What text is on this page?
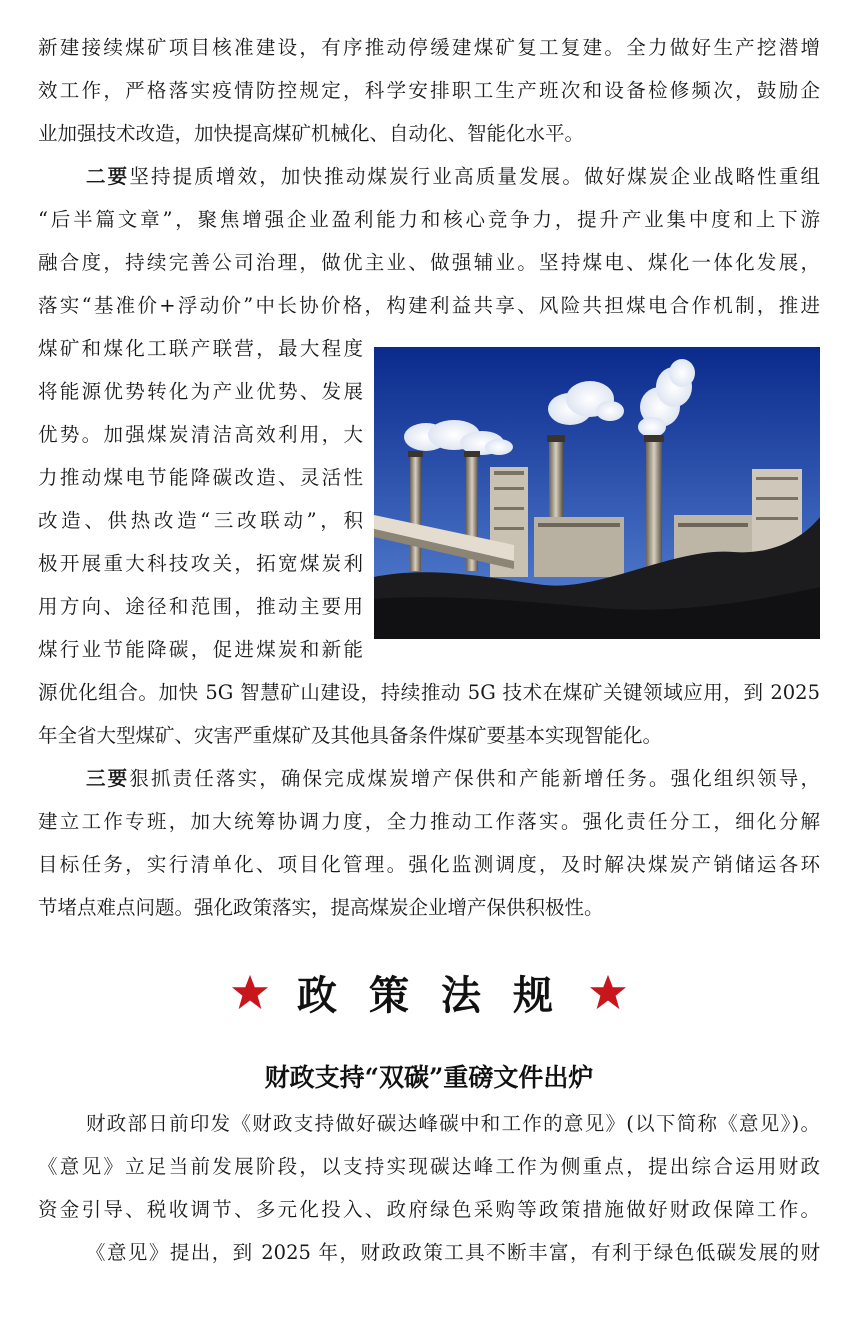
新建接续煤矿项目核准建设，有序推动停缓建煤矿复工复建。全力做好生产挖潜增
效工作，严格落实疫情防控规定，科学安排职工生产班次和设备检修频次，鼓励企
业加强技术改造，加快提高煤矿机械化、自动化、智能化水平。
二要坚持提质增效，加快推动煤炭行业高质量发展。做好煤炭企业战略性重组
“后半篇文章”，聚焦增强企业盈利能力和核心竞争力，提升产业集中度和上下游
融合度，持续完善公司治理，做优主业、做强辅业。坚持煤电、煤化一体化发展，
落实“基准价+浮动价”中长协价格，构建利益共享、风险共担煤电合作机制，推进
煤矿和煤化工联产联营，最大程度
将能源优势转化为产业优势、发展
优势。加强煤炭清洁高效利用，大
力推动煤电节能降碳改造、灵活性
改造、供热改造“三改联动”，积
极开展重大科技攻关，拓宽煤炭利
用方向、途径和范围，推动主要用
煤行业节能降碳，促进煤炭和新能
源优化组合。加快 5G 智慧矿山建设，持续推动 5G 技术在煤矿关键领域应用，到 2025
年全省大型煤矿、灾害严重煤矿及其他具备条件煤矿要基本实现智能化。
三要狠抓责任落实，确保完成煤炭增产保供和产能新增任务。强化组织领导，
建立工作专班，加大统筹协调力度，全力推动工作落实。强化责任分工，细化分解
目标任务，实行清单化、项目化管理。强化监测调度，及时解决煤炭产销储运各环
节堵点难点问题。强化政策落实，提高煤炭企业增产保供积极性。
政策法规
财政支持“双碳”重磅文件出炉
财政部日前印发《财政支持做好碳达峰碳中和工作的意见》(以下简称《意见》)。
《意见》立足当前发展阶段，以支持实现碳达峰工作为侧重点，提出综合运用财政
资金引导、税收调节、多元化投入、政府绿色采购等政策措施做好财政保障工作。
《意见》提出，到 2025 年，财政政策工具不断丰富，有利于绿色低碳发展的财
